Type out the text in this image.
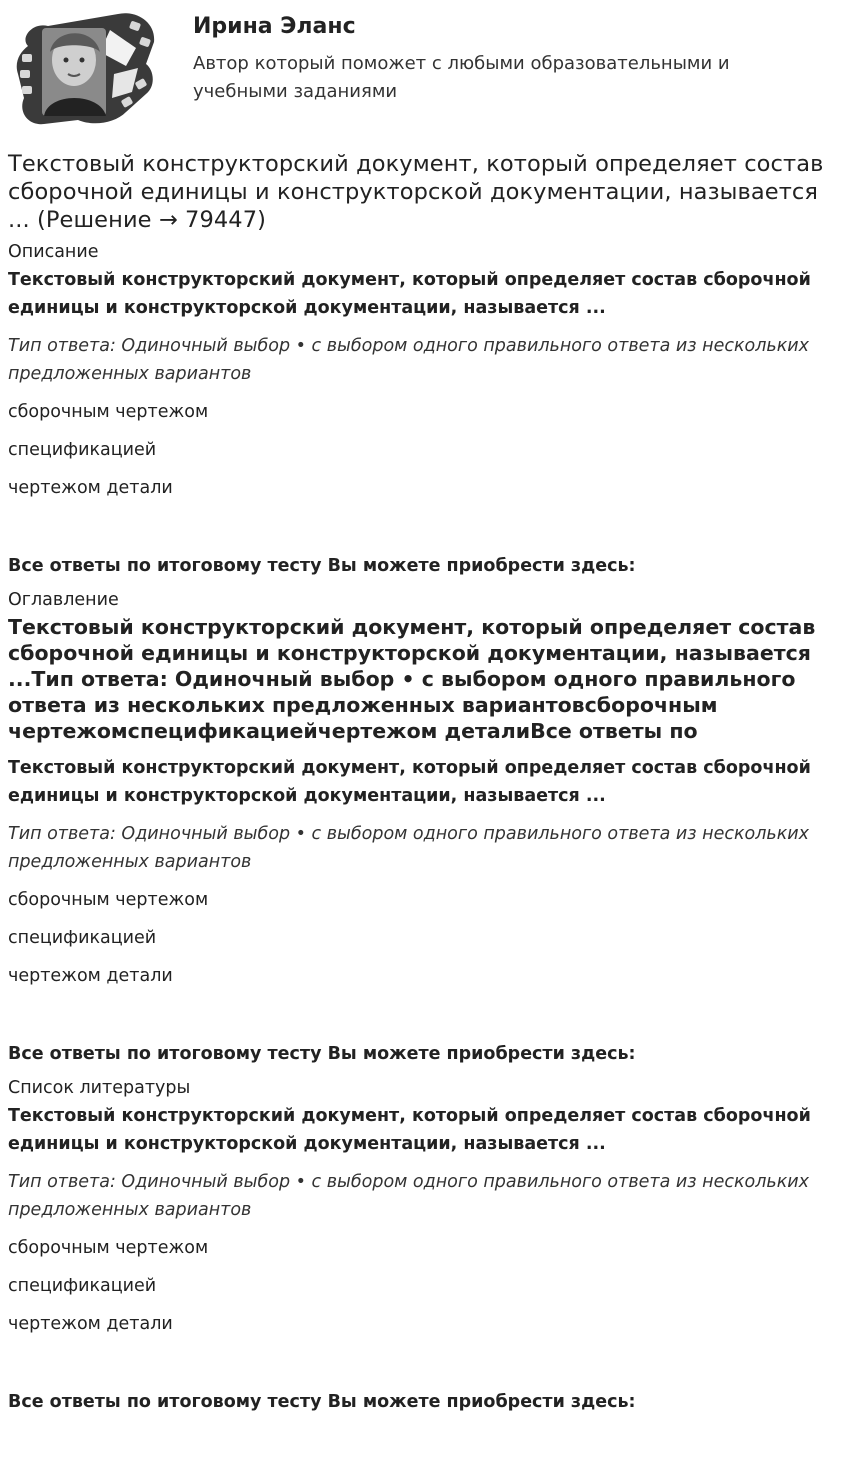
Ирина Эланс

Автор который поможет с любыми образовательными и учебными заданиями

Текстовый конструкторский документ, который определяет состав сборочной единицы и конструкторской документации, называется ... (Решение → 79447)
Описание
Текстовый конструкторский документ, который определяет состав сборочной единицы и конструкторской документации, называется ...
Тип ответа: Одиночный выбор • с выбором одного правильного ответа из нескольких предложенных вариантов
сборочным чертежом
спецификацией
чертежом детали
Все ответы по итоговому тесту Вы можете приобрести здесь:
Оглавление
Текстовый конструкторский документ, который определяет состав сборочной единицы и конструкторской документации, называется ...Тип ответа: Одиночный выбор • с выбором одного правильного ответа из нескольких предложенных вариантовсборочным чертежомспецификациейчертежом деталиВсе ответы по
Текстовый конструкторский документ, который определяет состав сборочной единицы и конструкторской документации, называется ...
Тип ответа: Одиночный выбор • с выбором одного правильного ответа из нескольких предложенных вариантов
сборочным чертежом
спецификацией
чертежом детали
Все ответы по итоговому тесту Вы можете приобрести здесь:
Список литературы
Текстовый конструкторский документ, который определяет состав сборочной единицы и конструкторской документации, называется ...
Тип ответа: Одиночный выбор • с выбором одного правильного ответа из нескольких предложенных вариантов
сборочным чертежом
спецификацией
чертежом детали
Все ответы по итоговому тесту Вы можете приобрести здесь:
